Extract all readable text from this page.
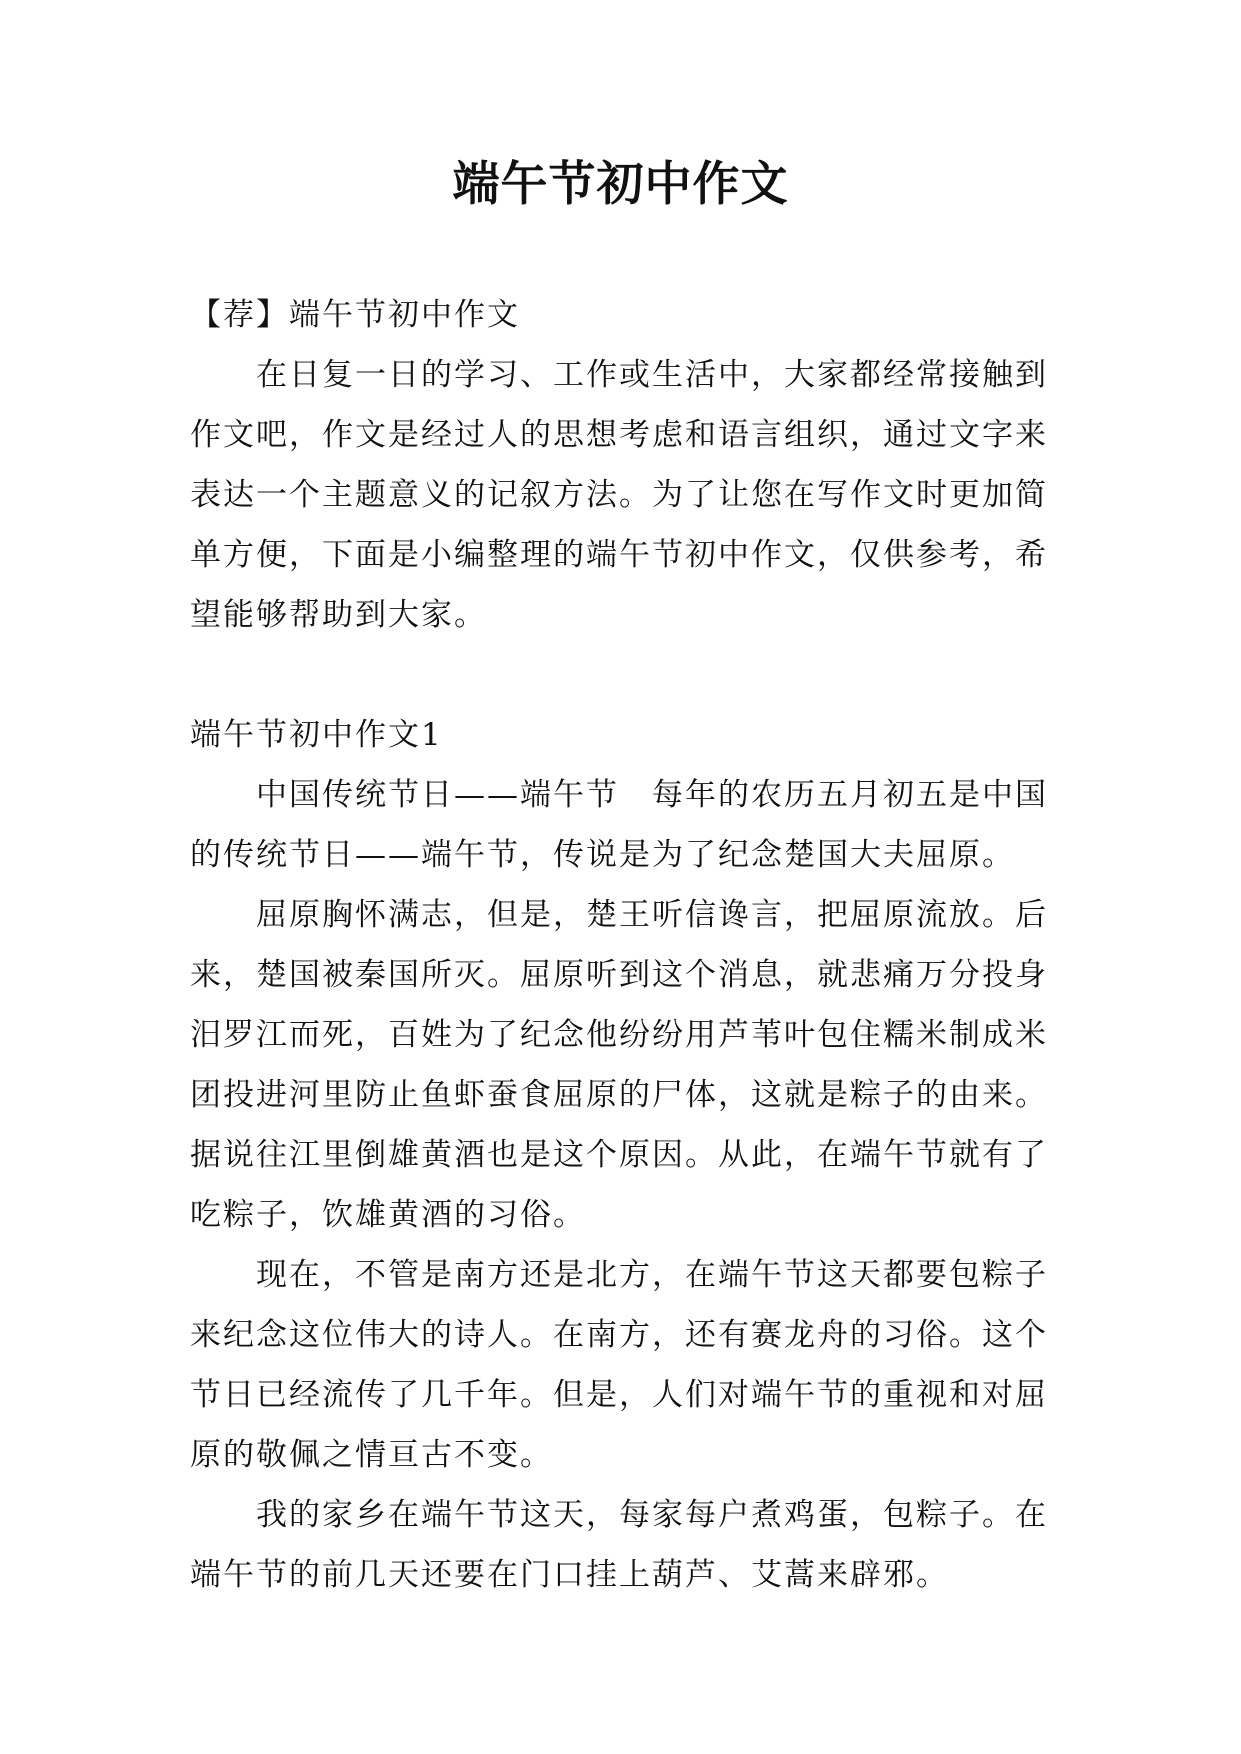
端午节初中作文

【荐】端午节初中作文

在日复一日的学习、工作或生活中，大家都经常接触到作文吧，作文是经过人的思想考虑和语言组织，通过文字来表达一个主题意义的记叙方法。为了让您在写作文时更加简单方便，下面是小编整理的端午节初中作文，仅供参考，希望能够帮助到大家。

端午节初中作文1

中国传统节日——端午节　每年的农历五月初五是中国的传统节日——端午节，传说是为了纪念楚国大夫屈原。

屈原胸怀满志，但是，楚王听信谗言，把屈原流放。后来，楚国被秦国所灭。屈原听到这个消息，就悲痛万分投身汨罗江而死，百姓为了纪念他纷纷用芦苇叶包住糯米制成米团投进河里防止鱼虾蚕食屈原的尸体，这就是粽子的由来。据说往江里倒雄黄酒也是这个原因。从此，在端午节就有了吃粽子，饮雄黄酒的习俗。

现在，不管是南方还是北方，在端午节这天都要包粽子来纪念这位伟大的诗人。在南方，还有赛龙舟的习俗。这个节日已经流传了几千年。但是，人们对端午节的重视和对屈原的敬佩之情亘古不变。

我的家乡在端午节这天，每家每户煮鸡蛋，包粽子。在端午节的前几天还要在门口挂上葫芦、艾蒿来辟邪。
